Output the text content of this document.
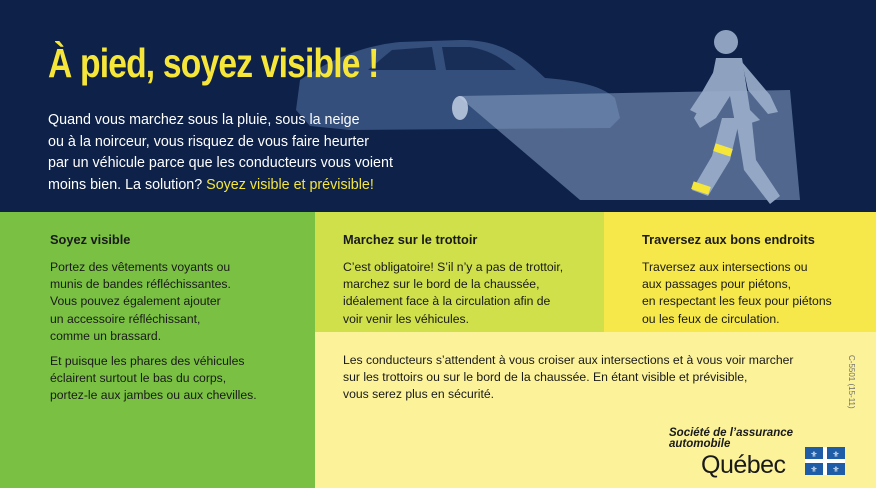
À pied, soyez visible !

Quand vous marchez sous la pluie, sous la neige
ou à la noirceur, vous risquez de vous faire heurter
par un véhicule parce que les conducteurs vous voient
moins bien. La solution? Soyez visible et prévisible!

Soyez visible

Portez des vêtements voyants ou
munis de bandes réfléchissantes.
Vous pouvez également ajouter
un accessoire réfléchissant,
comme un brassard.

Et puisque les phares des véhicules
éclairent surtout le bas du corps,
portez-le aux jambes ou aux chevilles.

Marchez sur le trottoir

C’est obligatoire! S’il n’y a pas de trottoir,
marchez sur le bord de la chaussée,
idéalement face à la circulation afin de
voir venir les véhicules.

Traversez aux bons endroits

Traversez aux intersections ou
aux passages pour piétons,
en respectant les feux pour piétons
ou les feux de circulation.

Les conducteurs s’attendent à vous croiser aux intersections et à vous voir marcher
sur les trottoirs ou sur le bord de la chaussée. En étant visible et prévisible,
vous serez plus en sécurité.

Société de l’assurance
automobile
Québec	⚜ ⚜
⚜ ⚜
C-5501 (15-11)
